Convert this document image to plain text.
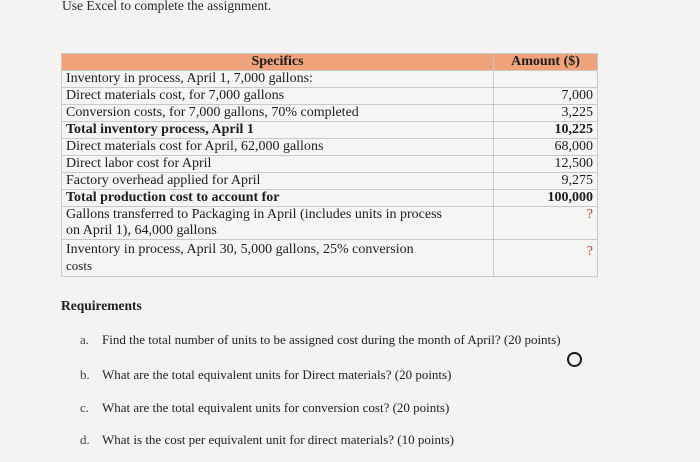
Use Excel to complete the assignment.
Specifics	Amount ($)
Inventory in process, April 1, 7,000 gallons:	
Direct materials cost, for 7,000 gallons	7,000
Conversion costs, for 7,000 gallons, 70% completed	3,225
Total inventory process, April 1	10,225
Direct materials cost for April, 62,000 gallons	68,000
Direct labor cost for April	12,500
Factory overhead applied for April	9,275
Total production cost to account for	100,000

Gallons transferred to Packaging in April (includes units in process
on April 1), 64,000 gallons	?

Inventory in process, April 30, 5,000 gallons, 25% conversion
costs	?
Requirements
a. Find the total number of units to be assigned cost during the month of April? (20 points)
b. What are the total equivalent units for Direct materials? (20 points)
c. What are the total equivalent units for conversion cost? (20 points)
d. What is the cost per equivalent unit for direct materials? (10 points)
